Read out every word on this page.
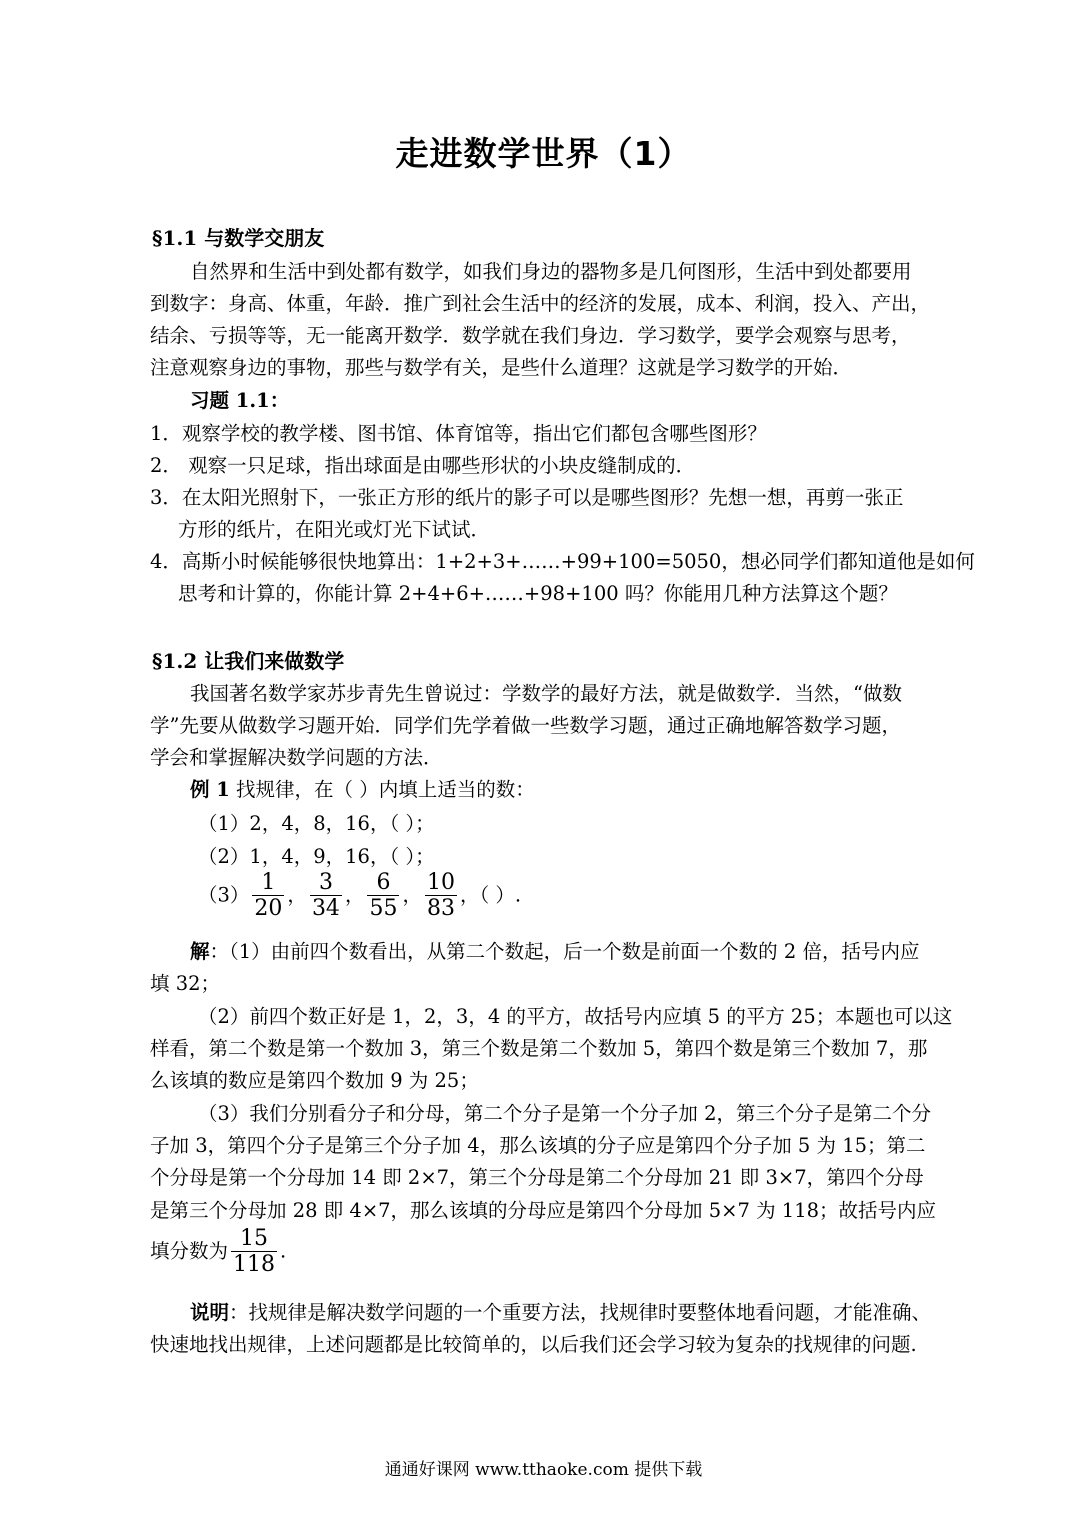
走进数学世界（1）
§1.1 与数学交朋友
自然界和生活中到处都有数学，如我们身边的器物多是几何图形，生活中到处都要用
到数字：身高、体重，年龄．推广到社会生活中的经济的发展，成本、利润，投入、产出，
结余、亏损等等，无一能离开数学．数学就在我们身边．学习数学，要学会观察与思考，
注意观察身边的事物，那些与数学有关，是些什么道理？这就是学习数学的开始．
习题 1.1：
1．观察学校的教学楼、图书馆、体育馆等，指出它们都包含哪些图形？
2． 观察一只足球，指出球面是由哪些形状的小块皮缝制成的．
3．在太阳光照射下，一张正方形的纸片的影子可以是哪些图形？先想一想，再剪一张正
方形的纸片，在阳光或灯光下试试．
4．高斯小时候能够很快地算出：1+2+3+……+99+100=5050，想必同学们都知道他是如何
思考和计算的，你能计算 2+4+6+……+98+100 吗？你能用几种方法算这个题？
§1.2 让我们来做数学
我国著名数学家苏步青先生曾说过：学数学的最好方法，就是做数学．当然，“做数
学”先要从做数学习题开始．同学们先学着做一些数学习题，通过正确地解答数学习题，
学会和掌握解决数学问题的方法．
例 1 找规律，在（ ）内填上适当的数：
（1）2，4，8，16，（ ）；
（2）1，4，9，16，（ ）；
$(3) \frac{1}{20}$ ， $\frac{3}{34}$ ， $\frac{6}{55}$ ， $\frac{10}{83}$ ，（ ）.
解：（1）由前四个数看出，从第二个数起，后一个数是前面一个数的 2 倍，括号内应
填 32；
（2）前四个数正好是 1，2，3，4 的平方，故括号内应填 5 的平方 25；本题也可以这
样看，第二个数是第一个数加 3，第三个数是第二个数加 5，第四个数是第三个数加 7，那
么该填的数应是第四个数加 9 为 25；
（3）我们分别看分子和分母，第二个分子是第一个分子加 2，第三个分子是第二个分
子加 3，第四个分子是第三个分子加 4，那么该填的分子应是第四个分子加 5 为 15；第二
个分母是第一个分母加 14 即 2×7，第三个分母是第二个分母加 21 即 3×7，第四个分母
是第三个分母加 28 即 4×7，那么该填的分母应是第四个分母加 5×7 为 118；故括号内应
填分数为 $\frac{15}{118}$ .
说明：找规律是解决数学问题的一个重要方法，找规律时要整体地看问题，才能准确、
快速地找出规律，上述问题都是比较简单的，以后我们还会学习较为复杂的找规律的问题.
通通好课网 www.tthaoke.com 提供下载
